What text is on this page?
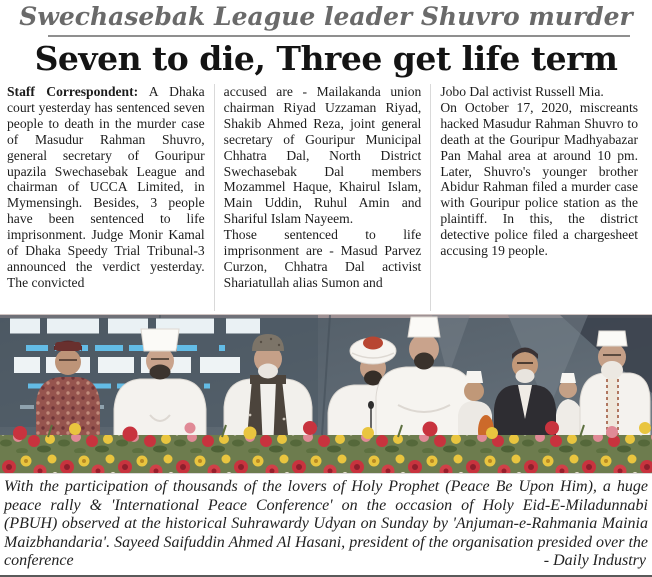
Swechasebak League leader Shuvro murder
Seven to die, Three get life term

Staff Correspondent: A Dhaka court yesterday has sentenced seven people to death in the murder case of Masudur Rahman Shuvro, general secretary of Gouripur upazila Swechasebak League and chairman of UCCA Limited, in Mymensingh. Besides, 3 people have been sentenced to life imprisonment. Judge Monir Kamal of Dhaka Speedy Trial Tribunal-3 announced the verdict yesterday. The convicted

accused are - Mailakanda union chairman Riyad Uzzaman Riyad, Shakib Ahmed Reza, joint general secretary of Gouripur Municipal Chhatra Dal, North District Swechasebak Dal members Mozammel Haque, Khairul Islam, Main Uddin, Ruhul Amin and Shariful Islam Nayeem.

Those sentenced to life imprisonment are - Masud Parvez Curzon, Chhatra Dal activist Shariatullah alias Sumon and

Jobo Dal activist Russell Mia.

On October 17, 2020, miscreants hacked Masudur Rahman Shuvro to death at the Gouripur Madhyabazar Pan Mahal area at around 10 pm. Later, Shuvro's younger brother Abidur Rahman filed a murder case with Gouripur police station as the plaintiff. In this, the district detective police filed a chargesheet accusing 19 people.

With the participation of thousands of the lovers of Holy Prophet (Peace Be Upon Him), a huge peace rally & 'International Peace Conference' on the occasion of Holy Eid-E-Miladunnabi (PBUH) observed at the historical Suhrawardy Udyan on Sunday by 'Anjuman-e-Rahmania Mainia Maizbhandaria'. Sayeed Saifuddin Ahmed Al Hasani, president of the organisation presided over the conference	- Daily Industry
